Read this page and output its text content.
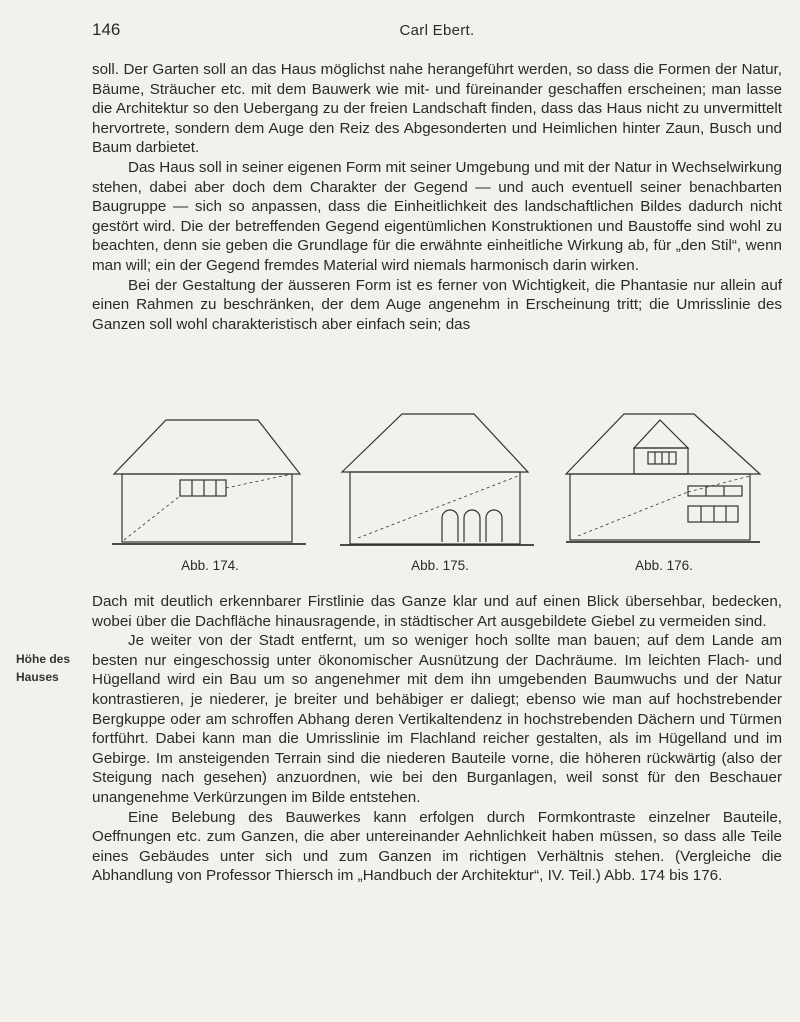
146	Carl Ebert.

soll. Der Garten soll an das Haus möglichst nahe herangeführt werden, so dass die Formen der Natur, Bäume, Sträucher etc. mit dem Bauwerk wie mit- und füreinander geschaffen erscheinen; man lasse die Architektur so den Uebergang zu der freien Landschaft finden, dass das Haus nicht zu unvermittelt hervortrete, sondern dem Auge den Reiz des Abgesonderten und Heimlichen hinter Zaun, Busch und Baum darbietet.

Das Haus soll in seiner eigenen Form mit seiner Umgebung und mit der Natur in Wechselwirkung stehen, dabei aber doch dem Charakter der Gegend — und auch eventuell seiner benachbarten Baugruppe — sich so anpassen, dass die Einheitlichkeit des landschaftlichen Bildes dadurch nicht gestört wird. Die der betreffenden Gegend eigentümlichen Konstruktionen und Baustoffe sind wohl zu beachten, denn sie geben die Grundlage für die erwähnte einheitliche Wirkung ab, für „den Stil“, wenn man will; ein der Gegend fremdes Material wird niemals harmonisch darin wirken.

Bei der Gestaltung der äusseren Form ist es ferner von Wichtigkeit, die Phantasie nur allein auf einen Rahmen zu beschränken, der dem Auge angenehm in Erscheinung tritt; die Umrisslinie des Ganzen soll wohl charakteristisch aber einfach sein; das

Abb. 174.	Abb. 175.	Abb. 176.
Höhe des
Hauses

Dach mit deutlich erkennbarer Firstlinie das Ganze klar und auf einen Blick übersehbar, bedecken, wobei über die Dachfläche hinausragende, in städtischer Art ausgebildete Giebel zu vermeiden sind.

Je weiter von der Stadt entfernt, um so weniger hoch sollte man bauen; auf dem Lande am besten nur eingeschossig unter ökonomischer Ausnützung der Dachräume. Im leichten Flach- und Hügelland wird ein Bau um so angenehmer mit dem ihn umgebenden Baumwuchs und der Natur kontrastieren, je niederer, je breiter und behäbiger er daliegt; ebenso wie man auf hochstrebender Bergkuppe oder am schroffen Abhang deren Vertikaltendenz in hochstrebenden Dächern und Türmen fortführt. Dabei kann man die Umrisslinie im Flachland reicher gestalten, als im Hügelland und im Gebirge. Im ansteigenden Terrain sind die niederen Bauteile vorne, die höheren rückwärtig (also der Steigung nach gesehen) anzuordnen, wie bei den Burganlagen, weil sonst für den Beschauer unangenehme Verkürzungen im Bilde entstehen.

Eine Belebung des Bauwerkes kann erfolgen durch Formkontraste einzelner Bauteile, Oeffnungen etc. zum Ganzen, die aber untereinander Aehnlichkeit haben müssen, so dass alle Teile eines Gebäudes unter sich und zum Ganzen im richtigen Verhältnis stehen. (Vergleiche die Abhandlung von Professor Thiersch im „Handbuch der Architektur“, IV. Teil.) Abb. 174 bis 176.
